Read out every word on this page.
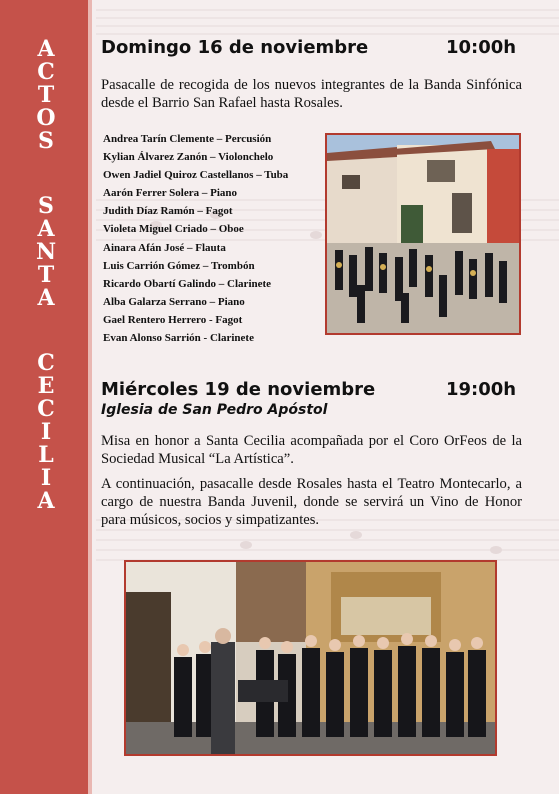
A
C
T
O
S
S
A
N
T
A
C
E
C
I
L
I
A
Domingo 16 de noviembre	10:00h
Pasacalle de recogida de los nuevos integrantes de la Banda Sinfónica desde el Barrio San Rafael hasta Rosales.
Andrea Tarín Clemente – Percusión
Kylian Álvarez Zanón – Violonchelo
Owen Jadiel Quiroz Castellanos – Tuba
Aarón Ferrer Solera – Piano
Judith Díaz Ramón – Fagot
Violeta Miguel Criado – Oboe
Ainara Afán José – Flauta
Luis Carrión Gómez – Trombón
Ricardo Obartí Galindo – Clarinete
Alba Galarza Serrano – Piano
Gael Rentero Herrero - Fagot
Evan Alonso Sarrión - Clarinete
Miércoles 19 de noviembre	19:00h
Iglesia de San Pedro Apóstol
Misa en honor a Santa Cecilia acompañada por el Coro OrFeos de la Sociedad Musical “La Artística”.
A continuación, pasacalle desde Rosales hasta el Teatro Montecarlo, a cargo de nuestra Banda Juvenil, donde se servirá un Vino de Honor para músicos, socios y simpatizantes.
